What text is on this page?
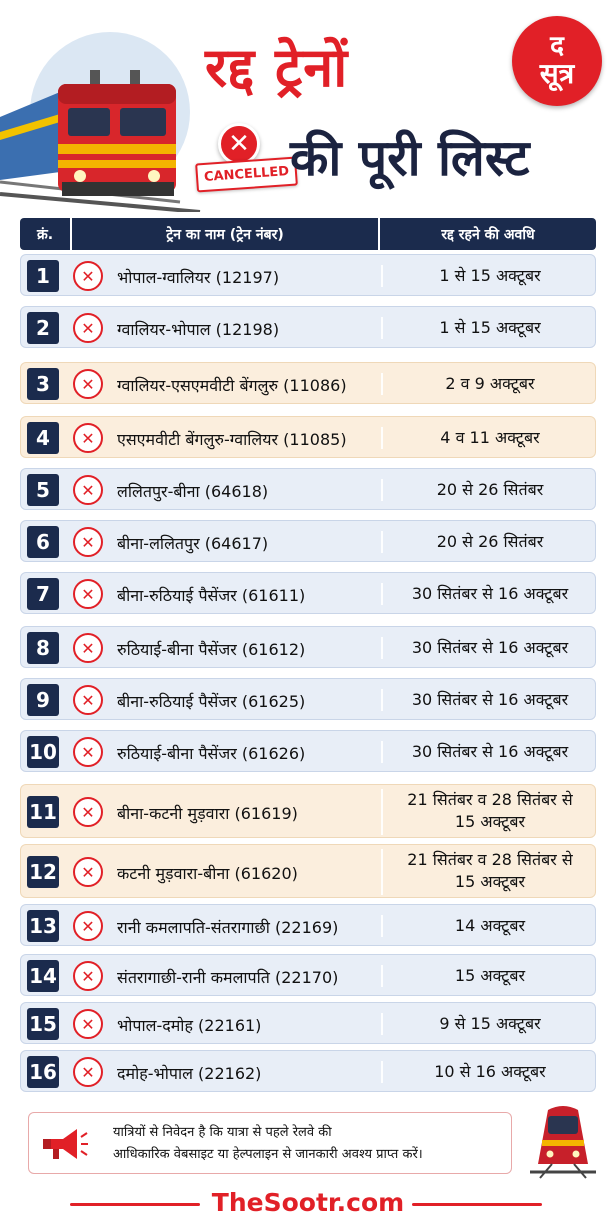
रद्द ट्रेनों
✕
CANCELLED की पूरी लिस्ट
द
सूत्र
क्रं.	ट्रेन का नाम (ट्रेन नंबर)	रद्द रहने की अवधि
1	✕	भोपाल-ग्वालियर (12197)	1 से 15 अक्टूबर
2	✕	ग्वालियर-भोपाल (12198)	1 से 15 अक्टूबर
3	✕	ग्वालियर-एसएमवीटी बेंगलुरु (11086)	2 व 9 अक्टूबर
4	✕	एसएमवीटी बेंगलुरु-ग्वालियर (11085)	4 व 11 अक्टूबर
5	✕	ललितपुर-बीना (64618)	20 से 26 सितंबर
6	✕	बीना-ललितपुर (64617)	20 से 26 सितंबर
7	✕	बीना-रुठियाई पैसेंजर (61611)	30 सितंबर से 16 अक्टूबर
8	✕	रुठियाई-बीना पैसेंजर (61612)	30 सितंबर से 16 अक्टूबर
9	✕	बीना-रुठियाई पैसेंजर (61625)	30 सितंबर से 16 अक्टूबर
10	✕	रुठियाई-बीना पैसेंजर (61626)	30 सितंबर से 16 अक्टूबर
11	✕	बीना-कटनी मुड़वारा (61619)
21 सितंबर व 28 सितंबर से 15 अक्टूबर
12	✕	कटनी मुड़वारा-बीना (61620)
21 सितंबर व 28 सितंबर से 15 अक्टूबर
13	✕	रानी कमलापति-संतरागाछी (22169)	14 अक्टूबर
14	✕	संतरागाछी-रानी कमलापति (22170)	15 अक्टूबर
15	✕	भोपाल-दमोह (22161)	9 से 15 अक्टूबर
16	✕	दमोह-भोपाल (22162)	10 से 16 अक्टूबर
यात्रियों से निवेदन है कि यात्रा से पहले रेलवे की
आधिकारिक वेबसाइट या हेल्पलाइन से जानकारी अवश्य प्राप्त करें।
TheSootr.com
